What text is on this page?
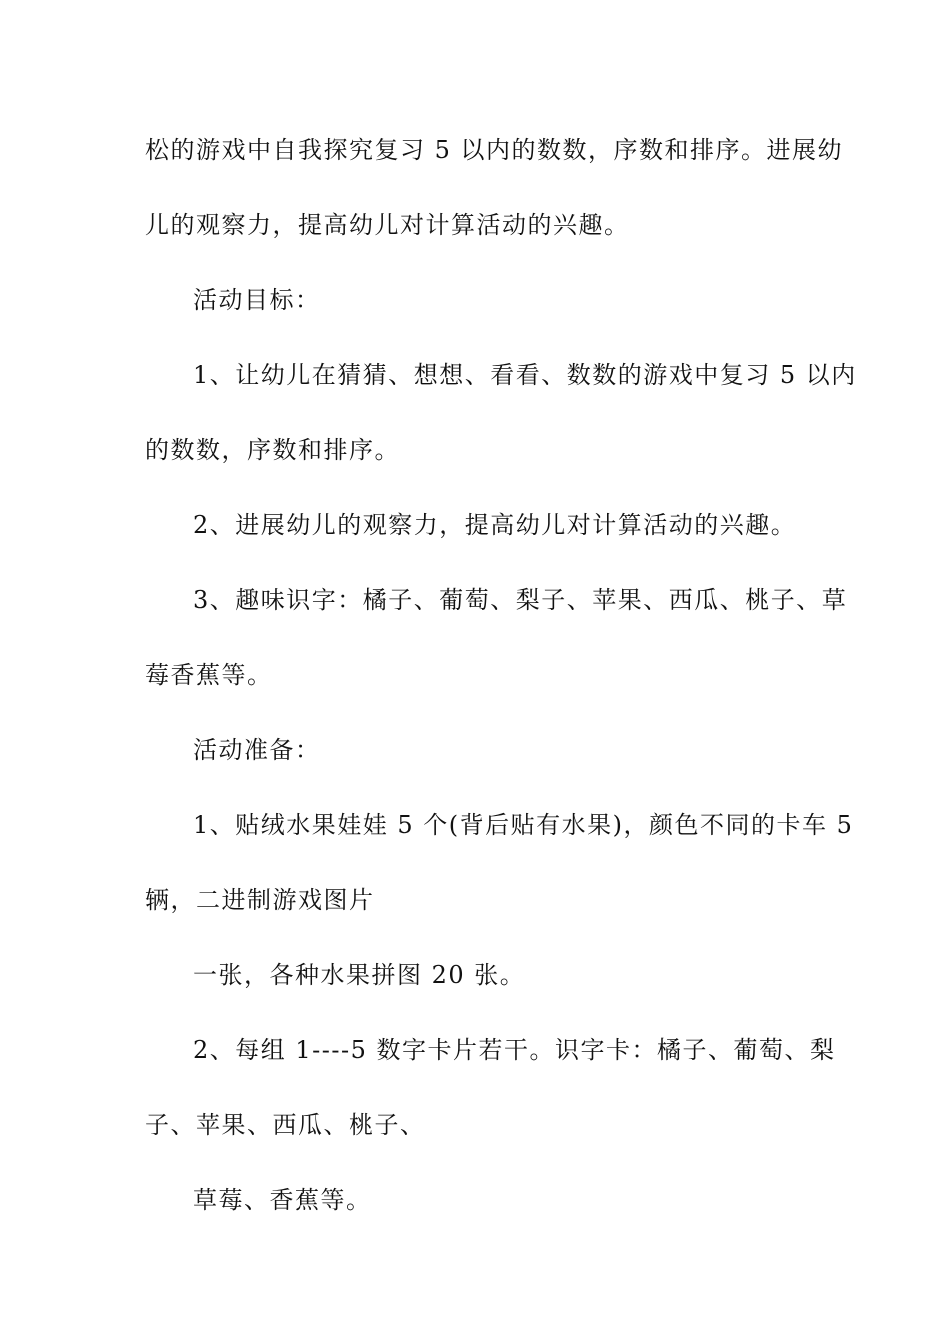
松的游戏中自我探究复习 5 以内的数数，序数和排序。进展幼
儿的观察力，提高幼儿对计算活动的兴趣。
活动目标：
1、让幼儿在猜猜、想想、看看、数数的游戏中复习 5 以内
的数数，序数和排序。
2、进展幼儿的观察力，提高幼儿对计算活动的兴趣。
3、趣味识字：橘子、葡萄、梨子、苹果、西瓜、桃子、草
莓香蕉等。
活动准备：
1、贴绒水果娃娃 5 个(背后贴有水果)，颜色不同的卡车 5
辆，二进制游戏图片
一张，各种水果拼图 20 张。
2、每组 1----5 数字卡片若干。识字卡：橘子、葡萄、梨
子、苹果、西瓜、桃子、
草莓、香蕉等。
